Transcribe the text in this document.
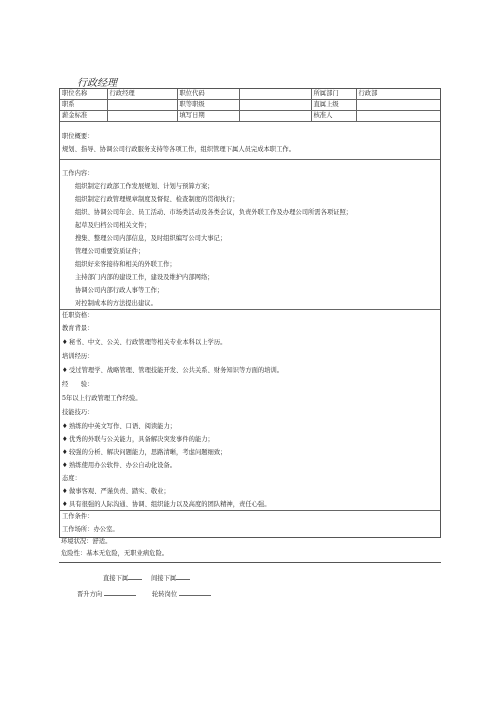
行政经理
职位名称	行政经理	职位代码		所属部门	行政部
职系		职等职级		直属上级	
薪金标准		填写日期		核准人	
职位概要：
规划、指导、协调公司行政服务支持等各项工作，组织管理下属人员完成本职工作。
工作内容：
组织制定行政部工作发展规划、计划与预算方案；
组织制定行政管理规章制度及督促、检查制度的贯彻执行；
组织、协调公司年会、员工活动、市场类活动及各类会议，负责外联工作及办理公司所需各项证照；
起草及归档公司相关文件；
搜集、整理公司内部信息，及时组织编写公司大事记；
管理公司重要资质证件；
组织好来客接待和相关的外联工作；
主持部门内部的建设工作，建设及维护内部网络；
协调公司内部行政人事等工作；
对控制成本的方法提出建议。
任职资格：
教育背景：
♦秘书、中文、公关、行政管理等相关专业本科以上学历。
培训经历：
♦受过管理学、战略管理、管理技能开发、公共关系、财务知识等方面的培训。
经　　验：
5年以上行政管理工作经验。
技能技巧：
♦熟练的中英文写作、口语、阅读能力；
♦优秀的外联与公关能力，具备解决突发事件的能力；
♦较强的分析、解决问题能力，思路清晰，考虑问题细致；
♦熟练使用办公软件、办公自动化设备。
态度：
♦做事客观、严谨负责、踏实、敬业；
♦具有很强的人际沟通、协调、组织能力以及高度的团队精神，责任心强。
工作条件：
工作场所：办公室。
环境状况：舒适。
危险性：基本无危险，无职业病危险。
直接下属	间接下属
晋升方向	轮转岗位
